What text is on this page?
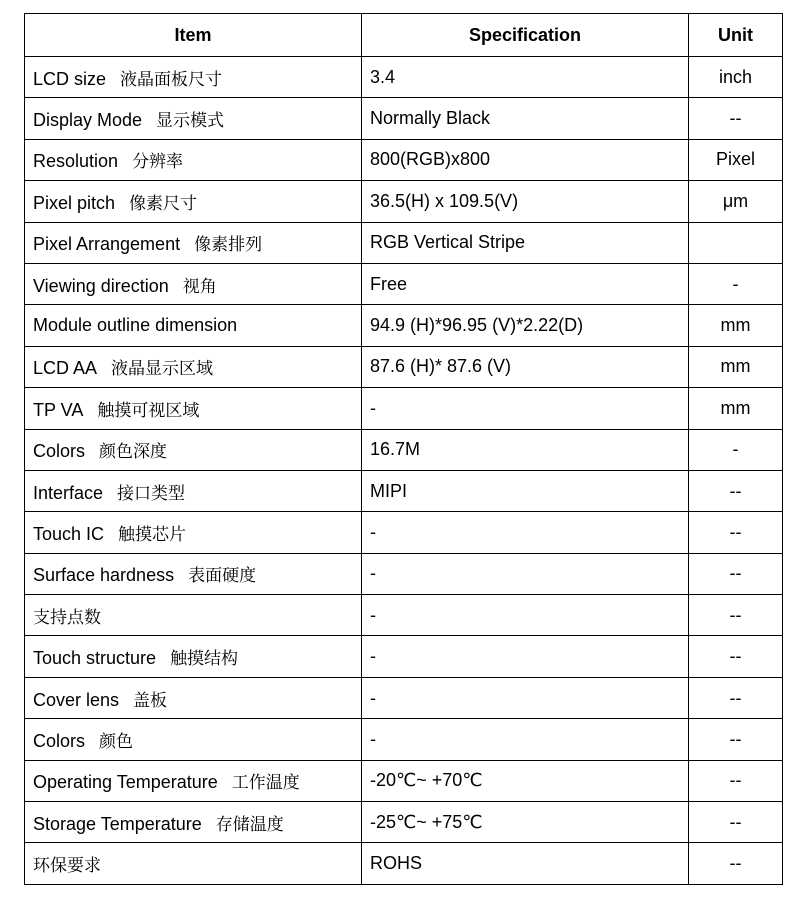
Item	Specification	Unit
LCD size 液晶面板尺寸	3.4	inch
Display Mode 显示模式	Normally Black	--
Resolution 分辨率	800(RGB)x800	Pixel
Pixel pitch 像素尺寸	36.5(H) x 109.5(V)	μm
Pixel Arrangement 像素排列	RGB Vertical Stripe	
Viewing direction 视角	Free	-
Module outline dimension	94.9 (H)*96.95 (V)*2.22(D)	mm
LCD AA 液晶显示区域	87.6 (H)* 87.6 (V)	mm
TP VA 触摸可视区域	-	mm
Colors 颜色深度	16.7M	-
Interface 接口类型	MIPI	--
Touch IC 触摸芯片	-	--
Surface hardness 表面硬度	-	--
支持点数	-	--
Touch structure 触摸结构	-	--
Cover lens 盖板	-	--
Colors 颜色	-	--
Operating Temperature 工作温度	-20℃~ +70℃	--
Storage Temperature 存储温度	-25℃~ +75℃	--
环保要求	ROHS	--
